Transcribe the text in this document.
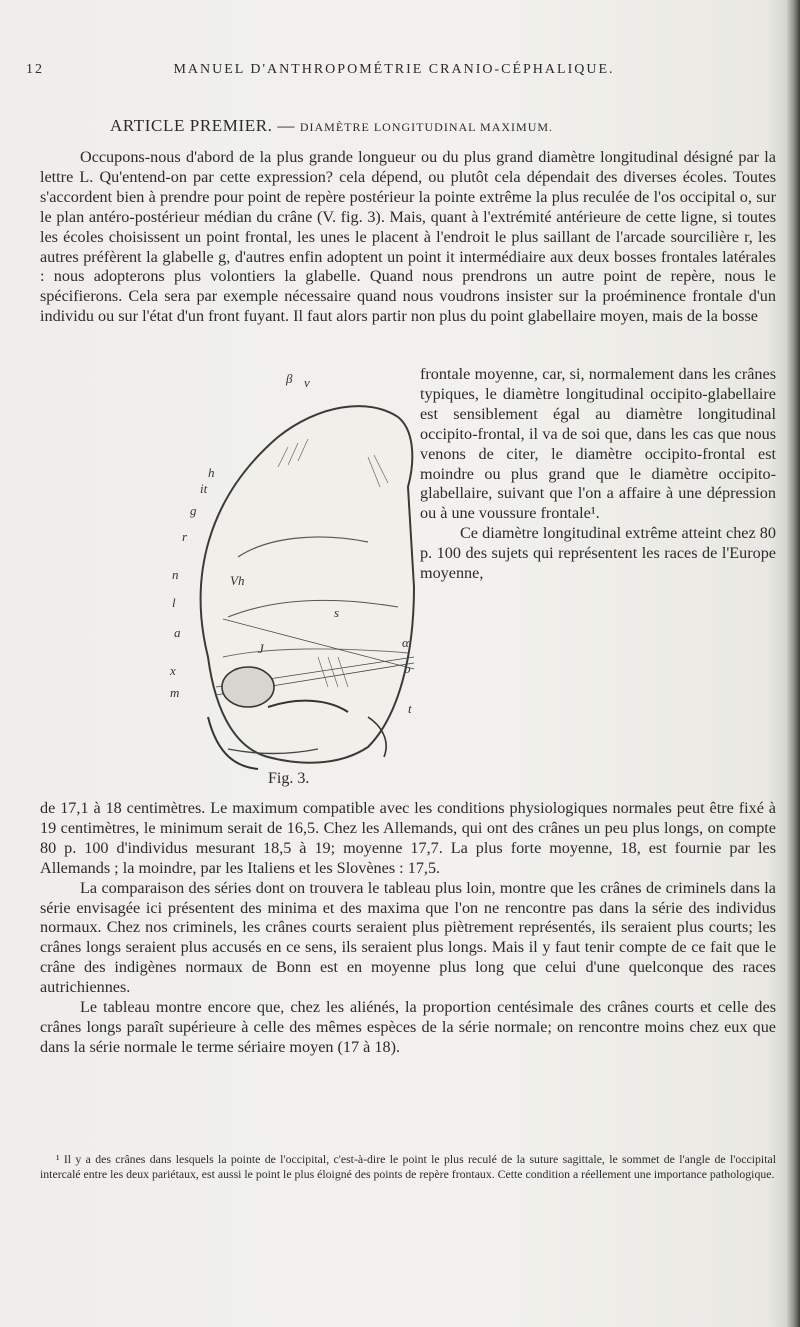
12	MANUEL D'ANTHROPOMÉTRIE CRANIO-CÉPHALIQUE.
ARTICLE PREMIER. — DIAMÈTRE LONGITUDINAL MAXIMUM.

Occupons-nous d'abord de la plus grande longueur ou du plus grand diamètre longitudinal désigné par la lettre L. Qu'entend-on par cette expression? cela dépend, ou plutôt cela dépendait des diverses écoles. Toutes s'accordent bien à prendre pour point de repère postérieur la pointe extrême la plus reculée de l'os occipital o, sur le plan antéro-postérieur médian du crâne (V. fig. 3). Mais, quant à l'extrémité antérieure de cette ligne, si toutes les écoles choisissent un point frontal, les unes le placent à l'endroit le plus saillant de l'arcade sourcilière r, les autres préfèrent la glabelle g, d'autres enfin adoptent un point it intermédiaire aux deux bosses frontales latérales : nous adopterons plus volontiers la glabelle. Quand nous prendrons un autre point de repère, nous le spécifierons. Cela sera par exemple nécessaire quand nous voudrons insister sur la proéminence frontale d'un individu ou sur l'état d'un front fuyant. Il faut alors partir non plus du point glabellaire moyen, mais de la bosse

frontale moyenne, car, si, normalement dans les crânes typiques, le diamètre longitudinal occipito-glabellaire est sensiblement égal au diamètre longitudinal occipito-frontal, il va de soi que, dans les cas que nous venons de citer, le diamètre occipito-frontal est moindre ou plus grand que le diamètre occipito-glabellaire, suivant que l'on a affaire à une dépression ou à une voussure frontale¹.

Ce diamètre longitudinal extrême atteint chez 80 p. 100 des sujets qui représentent les races de l'Europe moyenne,

β v
h
it
g
r
n
l
a
Vh
s
J
x
m
α
o
t
Fig. 3.

de 17,1 à 18 centimètres. Le maximum compatible avec les conditions physiologiques normales peut être fixé à 19 centimètres, le minimum serait de 16,5. Chez les Allemands, qui ont des crânes un peu plus longs, on compte 80 p. 100 d'individus mesurant 18,5 à 19; moyenne 17,7. La plus forte moyenne, 18, est fournie par les Allemands ; la moindre, par les Italiens et les Slovènes : 17,5.

La comparaison des séries dont on trouvera le tableau plus loin, montre que les crânes de criminels dans la série envisagée ici présentent des minima et des maxima que l'on ne rencontre pas dans la série des individus normaux. Chez nos criminels, les crânes courts seraient plus piètrement représentés, ils seraient plus courts; les crânes longs seraient plus accusés en ce sens, ils seraient plus longs. Mais il y faut tenir compte de ce fait que le crâne des indigènes normaux de Bonn est en moyenne plus long que celui d'une quelconque des races autrichiennes.

Le tableau montre encore que, chez les aliénés, la proportion centésimale des crânes courts et celle des crânes longs paraît supérieure à celle des mêmes espèces de la série normale; on rencontre moins chez eux que dans la série normale le terme sériaire moyen (17 à 18).

¹ Il y a des crânes dans lesquels la pointe de l'occipital, c'est-à-dire le point le plus reculé de la suture sagittale, le sommet de l'angle de l'occipital intercalé entre les deux pariétaux, est aussi le point le plus éloigné des points de repère frontaux. Cette condition a réellement une importance pathologique.
